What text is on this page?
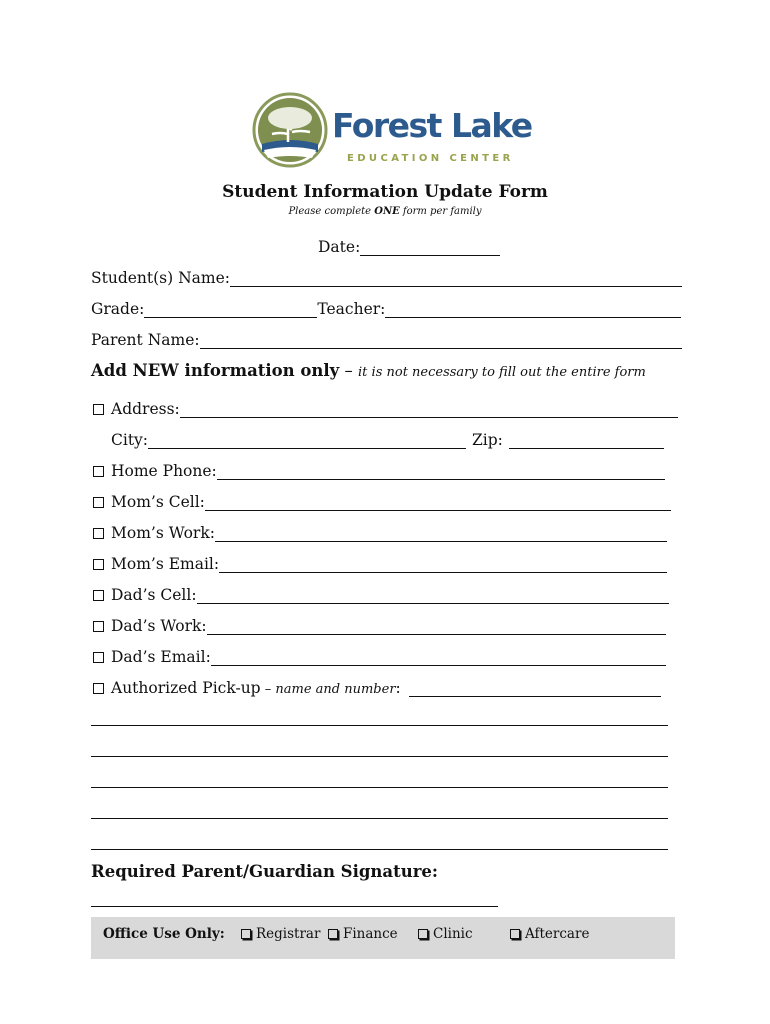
Forest Lake
EDUCATION CENTER
Student Information Update Form
Please complete ONE form per family
Date:
Student(s) Name:
Grade:	Teacher:
Parent Name:
Add NEW information only – it is not necessary to fill out the entire form
Address:
City:	Zip:
Home Phone:
Mom’s Cell:
Mom’s Work:
Mom’s Email:
Dad’s Cell:
Dad’s Work:
Dad’s Email:
Authorized Pick-up – name and number :
Required Parent/Guardian Signature:
Office Use Only: Registrar Finance	Clinic	Aftercare
